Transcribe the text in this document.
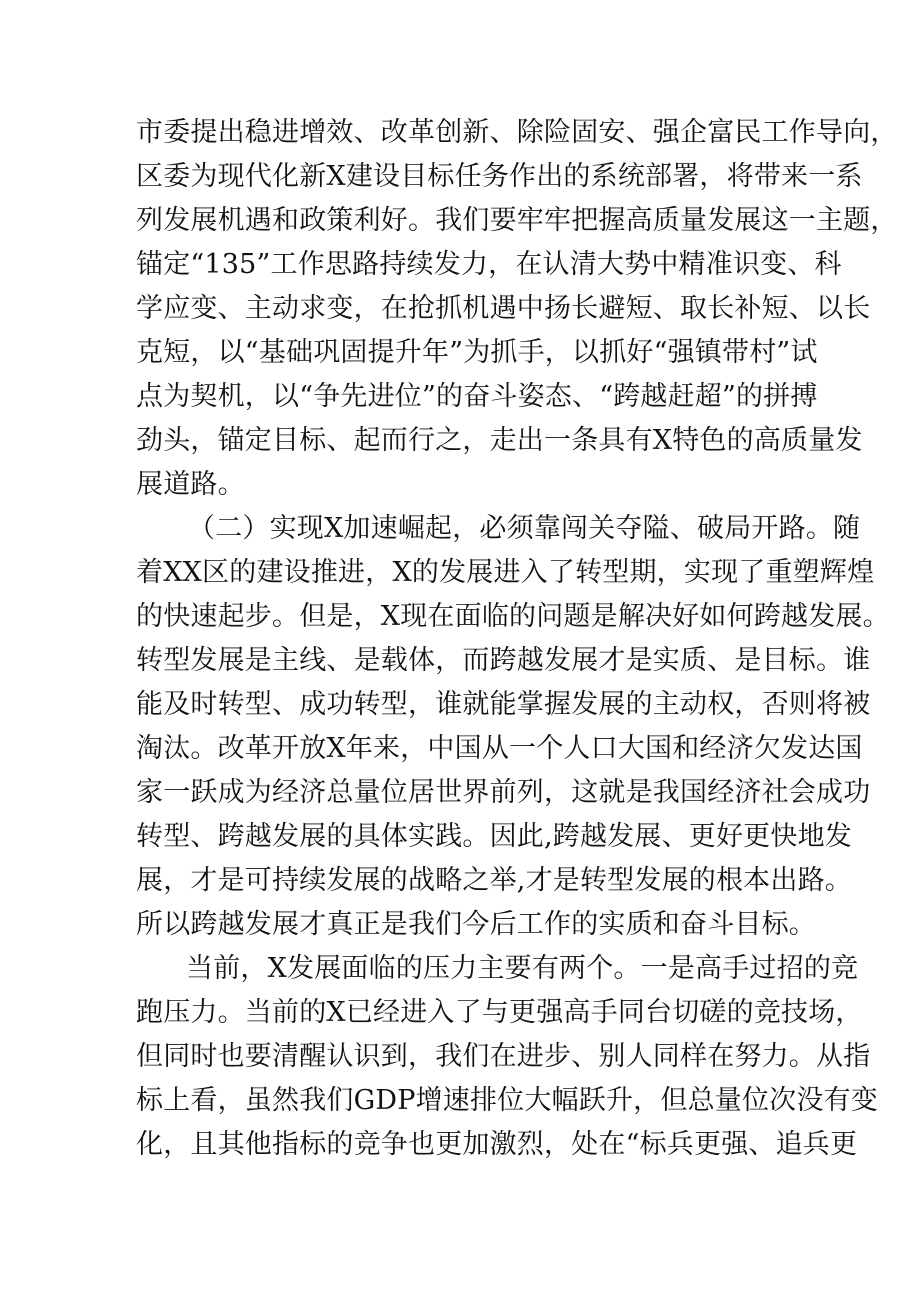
市委提出稳进增效、改革创新、除险固安、强企富民工作导向，
区委为现代化新X建设目标任务作出的系统部署，将带来一系
列发展机遇和政策利好。我们要牢牢把握高质量发展这一主题，
锚定“135”工作思路持续发力，在认清大势中精准识变、科
学应变、主动求变，在抢抓机遇中扬长避短、取长补短、以长
克短，以“基础巩固提升年”为抓手，以抓好“强镇带村”试
点为契机，以“争先进位”的奋斗姿态、“跨越赶超”的拼搏
劲头，锚定目标、起而行之，走出一条具有X特色的高质量发
展道路。
（二）实现X加速崛起，必须靠闯关夺隘、破局开路。随
着XX区的建设推进，X的发展进入了转型期，实现了重塑辉煌
的快速起步。但是，X现在面临的问题是解决好如何跨越发展。
转型发展是主线、是载体，而跨越发展才是实质、是目标。谁
能及时转型、成功转型，谁就能掌握发展的主动权，否则将被
淘汰。改革开放X年来，中国从一个人口大国和经济欠发达国
家一跃成为经济总量位居世界前列，这就是我国经济社会成功
转型、跨越发展的具体实践。因此,跨越发展、更好更快地发
展，才是可持续发展的战略之举,才是转型发展的根本出路。
所以跨越发展才真正是我们今后工作的实质和奋斗目标。
当前，X发展面临的压力主要有两个。一是高手过招的竞
跑压力。当前的X已经进入了与更强高手同台切磋的竞技场，
但同时也要清醒认识到，我们在进步、别人同样在努力。从指
标上看，虽然我们GDP增速排位大幅跃升，但总量位次没有变
化，且其他指标的竞争也更加激烈，处在“标兵更强、追兵更
